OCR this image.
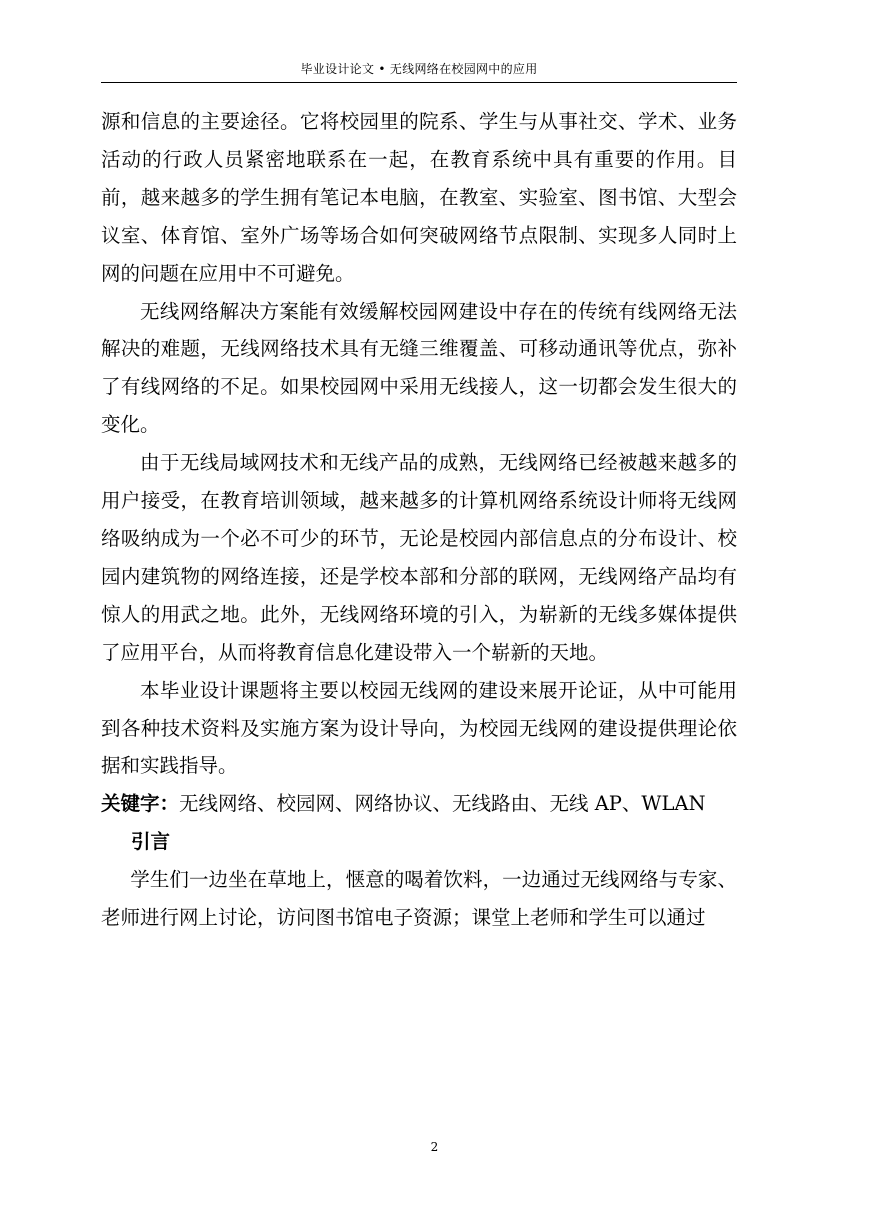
毕业设计论文 • 无线网络在校园网中的应用

源和信息的主要途径。它将校园里的院系、学生与从事社交、学术、业务活动的行政人员紧密地联系在一起，在教育系统中具有重要的作用。目前，越来越多的学生拥有笔记本电脑，在教室、实验室、图书馆、大型会议室、体育馆、室外广场等场合如何突破网络节点限制、实现多人同时上网的问题在应用中不可避免。

无线网络解决方案能有效缓解校园网建设中存在的传统有线网络无法解决的难题，无线网络技术具有无缝三维覆盖、可移动通讯等优点，弥补了有线网络的不足。如果校园网中采用无线接人，这一切都会发生很大的变化。

由于无线局域网技术和无线产品的成熟，无线网络已经被越来越多的用户接受，在教育培训领域，越来越多的计算机网络系统设计师将无线网络吸纳成为一个必不可少的环节，无论是校园内部信息点的分布设计、校园内建筑物的网络连接，还是学校本部和分部的联网，无线网络产品均有惊人的用武之地。此外，无线网络环境的引入，为崭新的无线多媒体提供了应用平台，从而将教育信息化建设带入一个崭新的天地。

本毕业设计课题将主要以校园无线网的建设来展开论证，从中可能用到各种技术资料及实施方案为设计导向，为校园无线网的建设提供理论依据和实践指导。

关键字：无线网络、校园网、网络协议、无线路由、无线 AP、WLAN

引言

学生们一边坐在草地上，惬意的喝着饮料，一边通过无线网络与专家、老师进行网上讨论，访问图书馆电子资源；课堂上老师和学生可以通过

2
